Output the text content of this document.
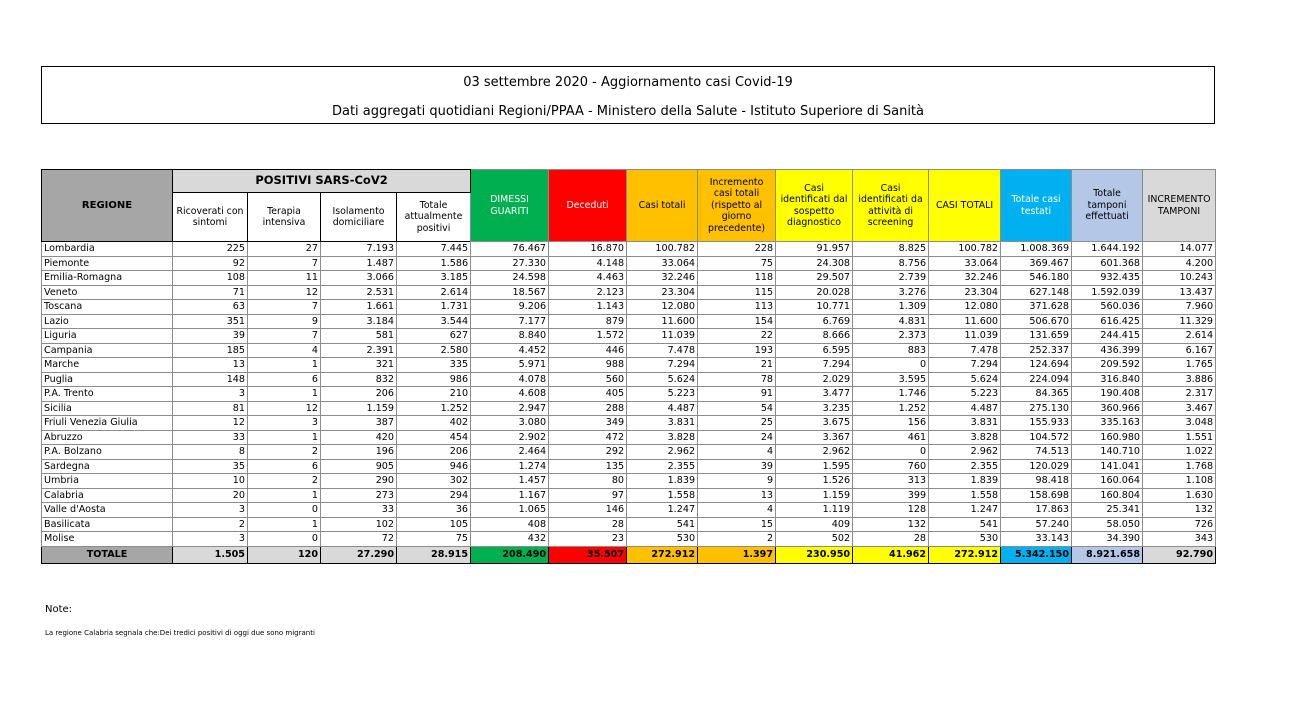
03 settembre 2020 - Aggiornamento casi Covid-19
Dati aggregati quotidiani Regioni/PPAA - Ministero della Salute - Istituto Superiore di Sanità
REGIONE	POSITIVI SARS-CoV2				DIMESSI GUARITI	Deceduti	Casi totali	Incremento casi totali (rispetto al giorno precedente)	Casi identificati dal sospetto diagnostico	Casi identificati da attività di screening	CASI TOTALI	Totale casi testati	Totale tamponi effettuati	INCREMENTO TAMPONI
	Ricoverati con sintomi	Terapia intensiva	Isolamento domiciliare	Totale attualmente positivi										
Lombardia	225	27	7.193	7.445	76.467	16.870	100.782	228	91.957	8.825	100.782	1.008.369	1.644.192	14.077
Piemonte	92	7	1.487	1.586	27.330	4.148	33.064	75	24.308	8.756	33.064	369.467	601.368	4.200
Emilia-Romagna	108	11	3.066	3.185	24.598	4.463	32.246	118	29.507	2.739	32.246	546.180	932.435	10.243
Veneto	71	12	2.531	2.614	18.567	2.123	23.304	115	20.028	3.276	23.304	627.148	1.592.039	13.437
Toscana	63	7	1.661	1.731	9.206	1.143	12.080	113	10.771	1.309	12.080	371.628	560.036	7.960
Lazio	351	9	3.184	3.544	7.177	879	11.600	154	6.769	4.831	11.600	506.670	616.425	11.329
Liguria	39	7	581	627	8.840	1.572	11.039	22	8.666	2.373	11.039	131.659	244.415	2.614
Campania	185	4	2.391	2.580	4.452	446	7.478	193	6.595	883	7.478	252.337	436.399	6.167
Marche	13	1	321	335	5.971	988	7.294	21	7.294	0	7.294	124.694	209.592	1.765
Puglia	148	6	832	986	4.078	560	5.624	78	2.029	3.595	5.624	224.094	316.840	3.886
P.A. Trento	3	1	206	210	4.608	405	5.223	91	3.477	1.746	5.223	84.365	190.408	2.317
Sicilia	81	12	1.159	1.252	2.947	288	4.487	54	3.235	1.252	4.487	275.130	360.966	3.467
Friuli Venezia Giulia	12	3	387	402	3.080	349	3.831	25	3.675	156	3.831	155.933	335.163	3.048
Abruzzo	33	1	420	454	2.902	472	3.828	24	3.367	461	3.828	104.572	160.980	1.551
P.A. Bolzano	8	2	196	206	2.464	292	2.962	4	2.962	0	2.962	74.513	140.710	1.022
Sardegna	35	6	905	946	1.274	135	2.355	39	1.595	760	2.355	120.029	141.041	1.768
Umbria	10	2	290	302	1.457	80	1.839	9	1.526	313	1.839	98.418	160.064	1.108
Calabria	20	1	273	294	1.167	97	1.558	13	1.159	399	1.558	158.698	160.804	1.630
Valle d'Aosta	3	0	33	36	1.065	146	1.247	4	1.119	128	1.247	17.863	25.341	132
Basilicata	2	1	102	105	408	28	541	15	409	132	541	57.240	58.050	726
Molise	3	0	72	75	432	23	530	2	502	28	530	33.143	34.390	343
TOTALE	1.505	120	27.290	28.915	208.490	35.507	272.912	1.397	230.950	41.962	272.912	5.342.150	8.921.658	92.790
Note:
La regione Calabria segnala che:Dei tredici positivi di oggi due sono migranti
